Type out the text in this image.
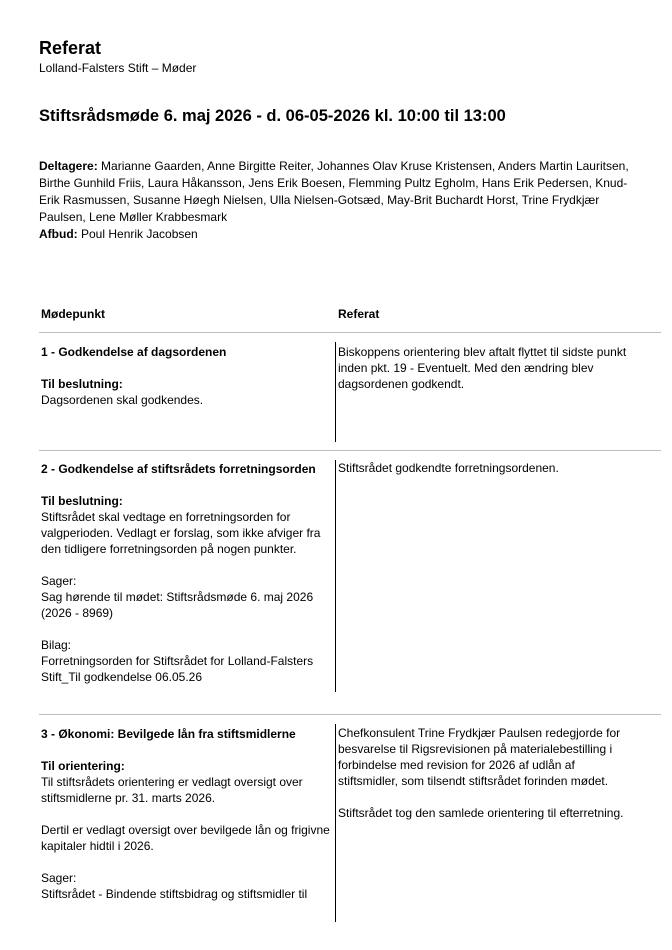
Referat
Lolland-Falsters Stift – Møder
Stiftsrådsmøde 6. maj 2026 - d. 06-05-2026 kl. 10:00 til 13:00
Deltagere: Marianne Gaarden, Anne Birgitte Reiter, Johannes Olav Kruse Kristensen, Anders Martin Lauritsen, Birthe Gunhild Friis, Laura Håkansson, Jens Erik Boesen, Flemming Pultz Egholm, Hans Erik Pedersen, Knud-Erik Rasmussen, Susanne Høegh Nielsen, Ulla Nielsen-Gotsæd, May-Brit Buchardt Horst, Trine Frydkjær Paulsen, Lene Møller Krabbesmark
Afbud: Poul Henrik Jacobsen
Mødepunkt	Referat

1 - Godkendelse af dagsordenen

Til beslutning:

Dagsordenen skal godkendes.

Biskoppens orientering blev aftalt flyttet til sidste punkt inden pkt. 19 - Eventuelt. Med den ændring blev dagsordenen godkendt.

2 - Godkendelse af stiftsrådets forretningsorden

Til beslutning:

Stiftsrådet skal vedtage en forretningsorden for valgperioden. Vedlagt er forslag, som ikke afviger fra den tidligere forretningsorden på nogen punkter.

Sager:

Sag hørende til mødet: Stiftsrådsmøde 6. maj 2026 (2026 - 8969)

Bilag:

Forretningsorden for Stiftsrådet for Lolland-Falsters Stift_Til godkendelse 06.05.26

Stiftsrådet godkendte forretningsordenen.

3 - Økonomi: Bevilgede lån fra stiftsmidlerne

Til orientering:

Til stiftsrådets orientering er vedlagt oversigt over stiftsmidlerne pr. 31. marts 2026.

Dertil er vedlagt oversigt over bevilgede lån og frigivne kapitaler hidtil i 2026.

Sager:

Stiftsrådet - Bindende stiftsbidrag og stiftsmidler til

Chefkonsulent Trine Frydkjær Paulsen redegjorde for besvarelse til Rigsrevisionen på materialebestilling i forbindelse med revision for 2026 af udlån af stiftsmidler, som tilsendt stiftsrådet forinden mødet.

Stiftsrådet tog den samlede orientering til efterretning.
